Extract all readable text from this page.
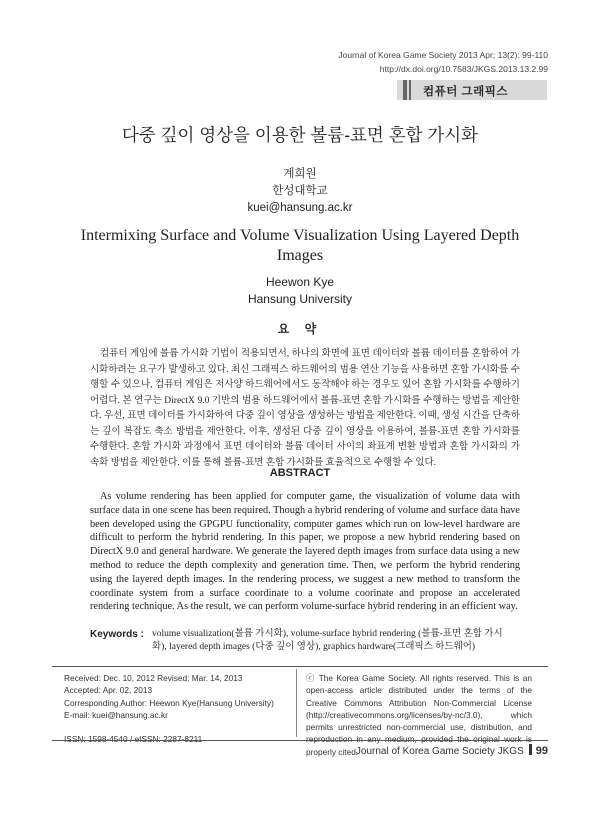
Journal of Korea Game Society 2013 Apr; 13(2): 99-110
http://dx.doi.org/10.7583/JKGS.2013.13.2.99
컴퓨터 그래픽스
다중 깊이 영상을 이용한 볼륨-표면 혼합 가시화
계희원
한성대학교
kuei@hansung.ac.kr
Intermixing Surface and Volume Visualization Using Layered Depth Images
Heewon Kye
Hansung University
요 약
컴퓨터 게임에 볼륨 가시화 기법이 적용되면서, 하나의 화면에 표면 데이터와 볼륨 데이터를 혼합하여 가시화하려는 요구가 발생하고 있다. 최신 그래픽스 하드웨어의 범용 연산 기능을 사용하면 혼합 가시화를 수행할 수 있으나, 컴퓨터 게임은 저사양 하드웨어에서도 동작해야 하는 경우도 있어 혼합 가시화를 수행하기 어렵다. 본 연구는 DirectX 9.0 기반의 범용 하드웨어에서 볼륨-표면 혼합 가시화를 수행하는 방법을 제안한다. 우선, 표면 데이터를 가시화하여 다중 깊이 영상을 생성하는 방법을 제안한다. 이때, 생성 시간을 단축하는 깊이 복잡도 축소 방법을 제안한다. 이후, 생성된 다중 깊이 영상을 이용하여, 볼륨-표면 혼합 가시화를 수행한다. 혼합 가시화 과정에서 표면 데이터와 볼륨 데이터 사이의 좌표계 변환 방법과 혼합 가시화의 가속화 방법을 제안한다. 이를 통해 볼륨-표면 혼합 가시화를 효율적으로 수행할 수 있다.
ABSTRACT
As volume rendering has been applied for computer game, the visualization of volume data with surface data in one scene has been required. Though a hybrid rendering of volume and surface data have been developed using the GPGPU functionality, computer games which run on low-level hardware are difficult to perform the hybrid rendering. In this paper, we propose a new hybrid rendering based on DirectX 9.0 and general hardware. We generate the layered depth images from surface data using a new method to reduce the depth complexity and generation time. Then, we perform the hybrid rendering using the layered depth images. In the rendering process, we suggest a new method to transform the coordinate system from a surface coordinate to a volume coorinate and propose an accelerated rendering technique. As the result, we can perform volume-surface hybrid rendering in an efficient way.
Keywords : volume visualization(볼륨 가시화), volume-surface hybrid rendering (볼륨-표면 혼합 가시화), layered depth images (다중 깊이 영상), graphics hardware(그래픽스 하드웨어)
Received: Dec. 10, 2012 Revised: Mar. 14, 2013
Accepted: Apr. 02, 2013
Corresponding Author: Heewon Kye(Hansung University)
E-mail: kuei@hansung.ac.kr
ⓒ The Korea Game Society. All rights reserved. This is an open-access article distributed under the terms of the Creative Commons Attribution Non-Commercial License (http://creativecommons.org/licenses/by-nc/3.0), which permits unrestricted non-commercial use, distribution, and properly cited.
Journal of Korea Game Society JKGS 99
